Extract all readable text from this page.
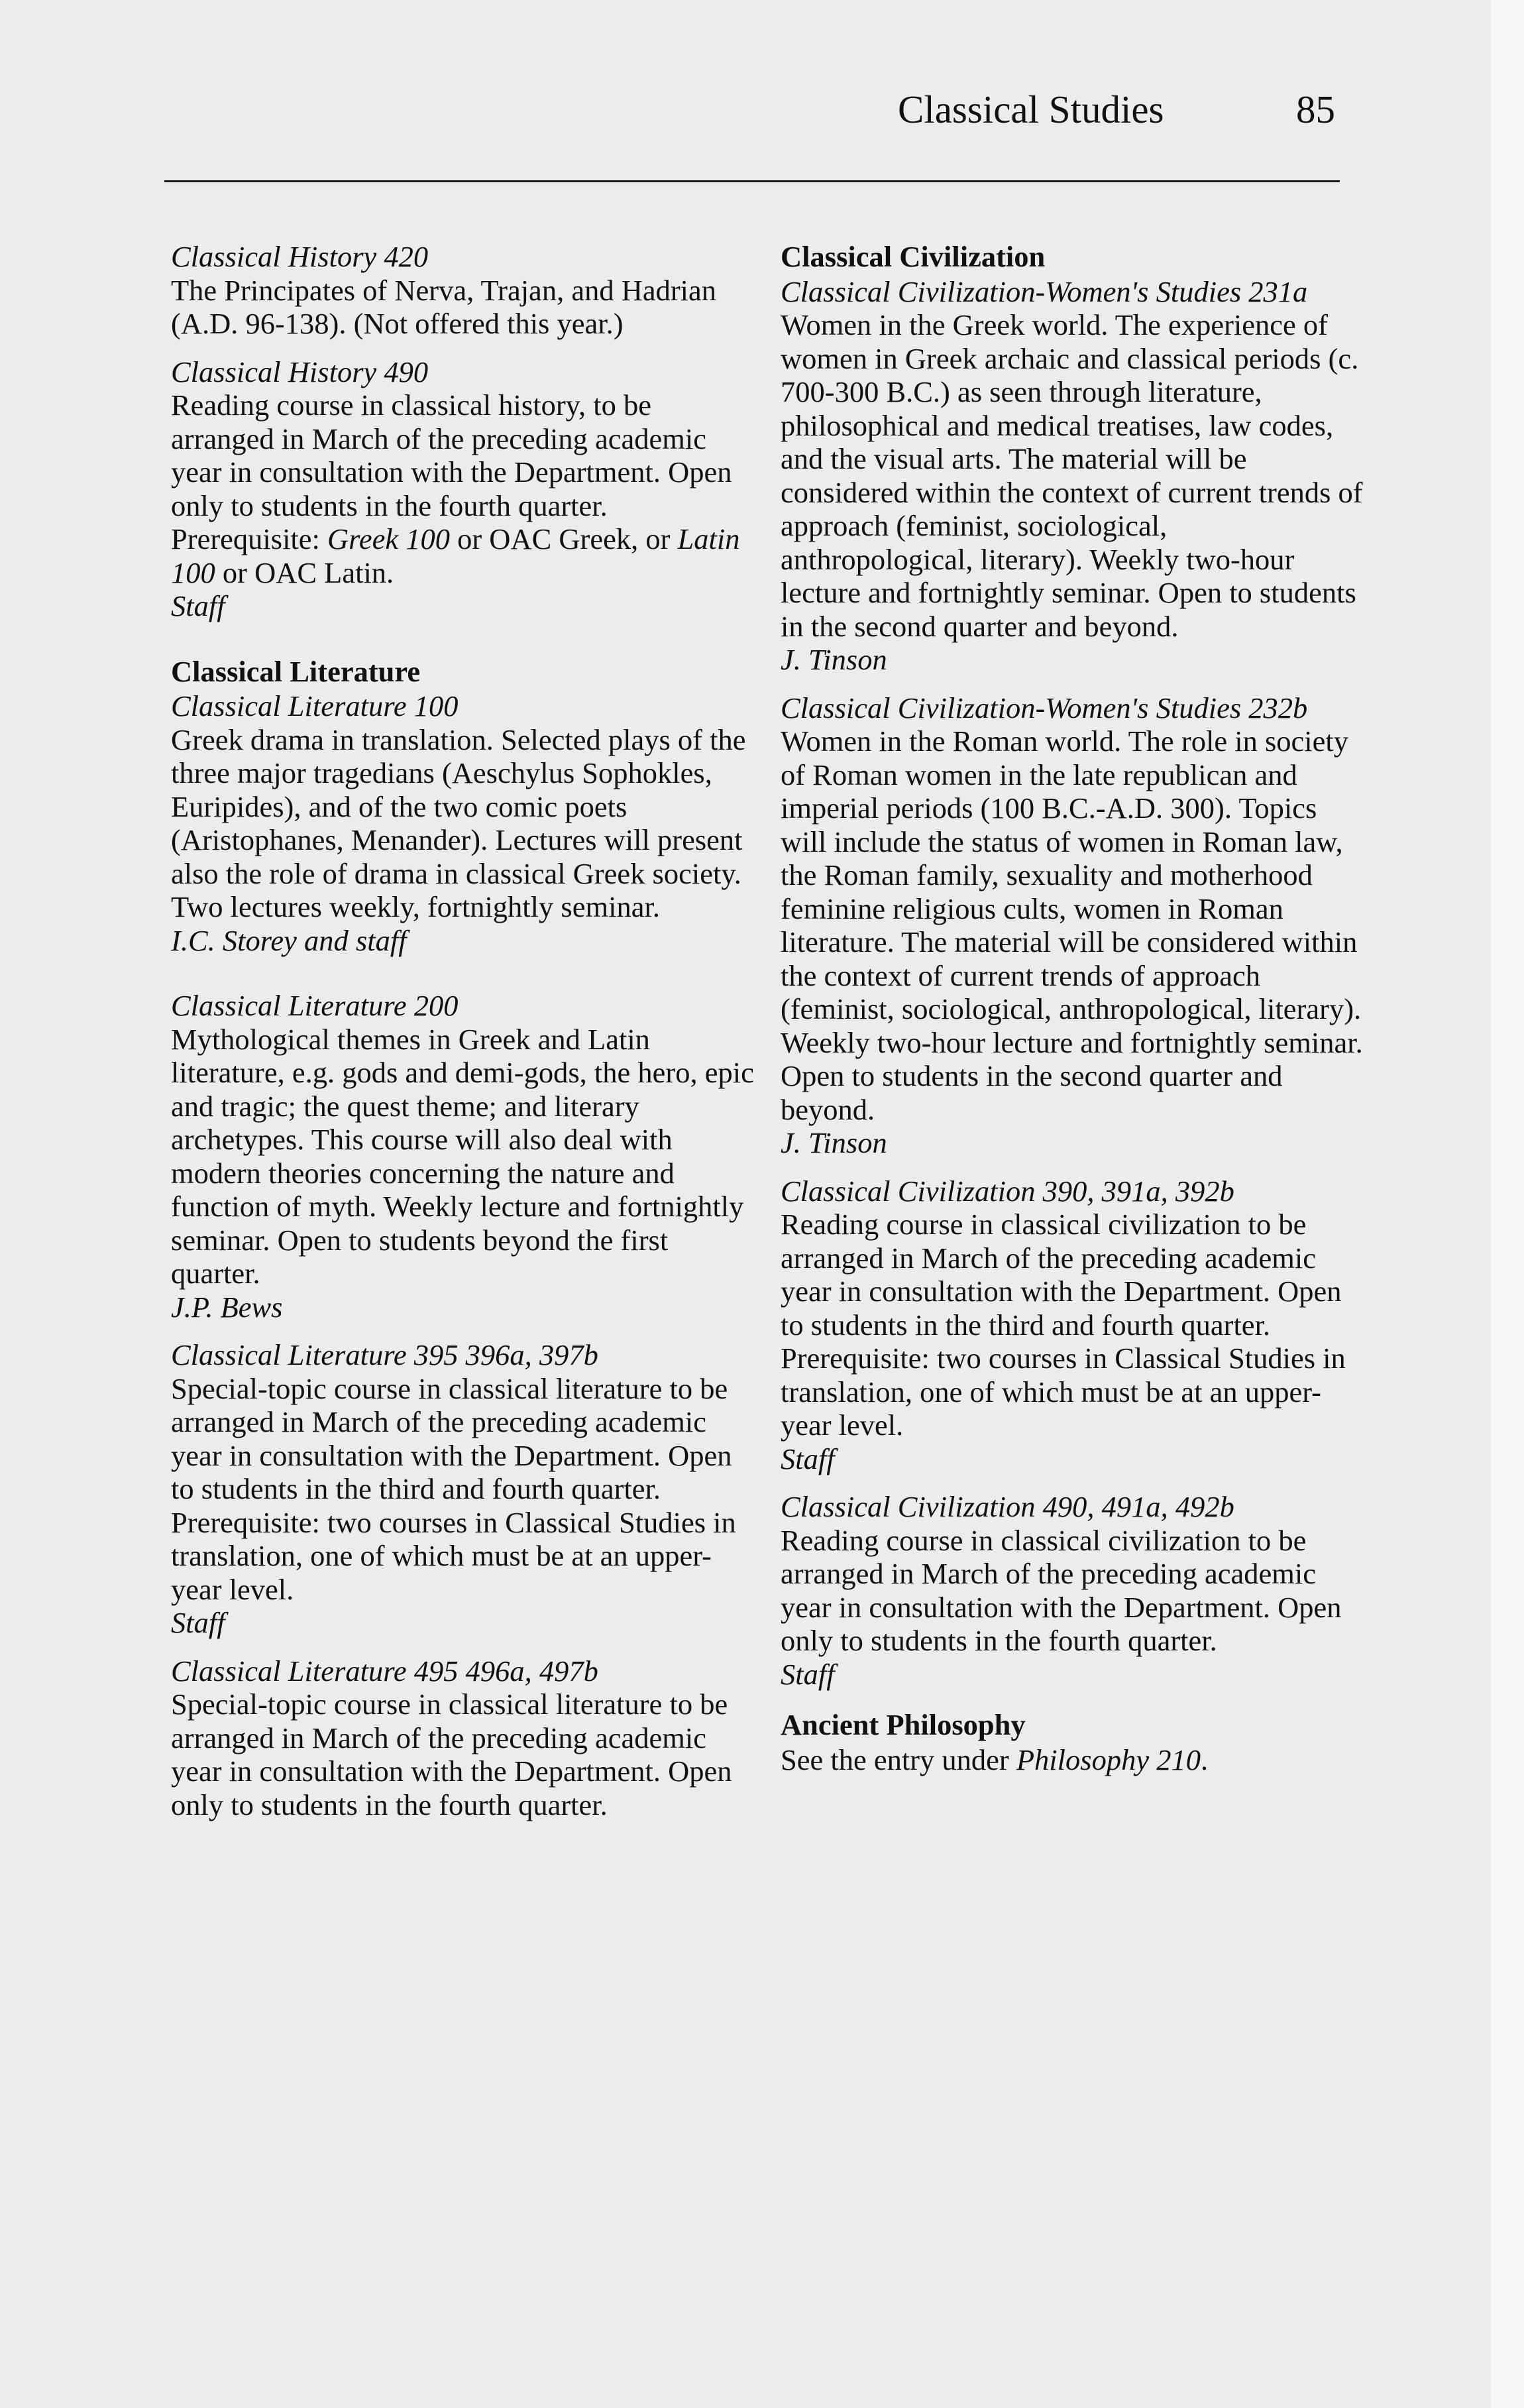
Classical Studies	85

Classical History 420

The Principates of Nerva, Trajan, and Hadrian (A.D. 96-138). (Not offered this year.)

Classical History 490

Reading course in classical history, to be arranged in March of the preceding academic year in consultation with the Department. Open only to students in the fourth quarter. Prerequisite: Greek 100 or OAC Greek, or Latin 100 or OAC Latin.

Staff

Classical Literature

Classical Literature 100

Greek drama in translation. Selected plays of the three major tragedians (Aeschylus Sophokles, Euripides), and of the two comic poets (Aristophanes, Menander). Lectures will present also the role of drama in classical Greek society. Two lectures weekly, fortnightly seminar.

I.C. Storey and staff

Classical Literature 200

Mythological themes in Greek and Latin literature, e.g. gods and demi-gods, the hero, epic and tragic; the quest theme; and literary archetypes. This course will also deal with modern theories concerning the nature and function of myth. Weekly lecture and fortnightly seminar. Open to students beyond the first quarter.

J.P. Bews

Classical Literature 395 396a, 397b

Special-topic course in classical literature to be arranged in March of the preceding academic year in consultation with the Department. Open to students in the third and fourth quarter. Prerequisite: two courses in Classical Studies in translation, one of which must be at an upper-year level.

Staff

Classical Literature 495 496a, 497b

Special-topic course in classical literature to be arranged in March of the preceding academic year in consultation with the Department. Open only to students in the fourth quarter.

Classical Civilization

Classical Civilization-Women's Studies 231a

Women in the Greek world. The experience of women in Greek archaic and classical periods (c. 700-300 B.C.) as seen through literature, philosophical and medical treatises, law codes, and the visual arts. The material will be considered within the context of current trends of approach (feminist, sociological, anthropological, literary). Weekly two-hour lecture and fortnightly seminar. Open to students in the second quarter and beyond.

J. Tinson

Classical Civilization-Women's Studies 232b

Women in the Roman world. The role in society of Roman women in the late republican and imperial periods (100 B.C.-A.D. 300). Topics will include the status of women in Roman law, the Roman family, sexuality and motherhood feminine religious cults, women in Roman literature. The material will be considered within the context of current trends of approach (feminist, sociological, anthropological, literary). Weekly two-hour lecture and fortnightly seminar. Open to students in the second quarter and beyond.

J. Tinson

Classical Civilization 390, 391a, 392b

Reading course in classical civilization to be arranged in March of the preceding academic year in consultation with the Department. Open to students in the third and fourth quarter. Prerequisite: two courses in Classical Studies in translation, one of which must be at an upper-year level.

Staff

Classical Civilization 490, 491a, 492b

Reading course in classical civilization to be arranged in March of the preceding academic year in consultation with the Department. Open only to students in the fourth quarter.

Staff

Ancient Philosophy

See the entry under Philosophy 210.
